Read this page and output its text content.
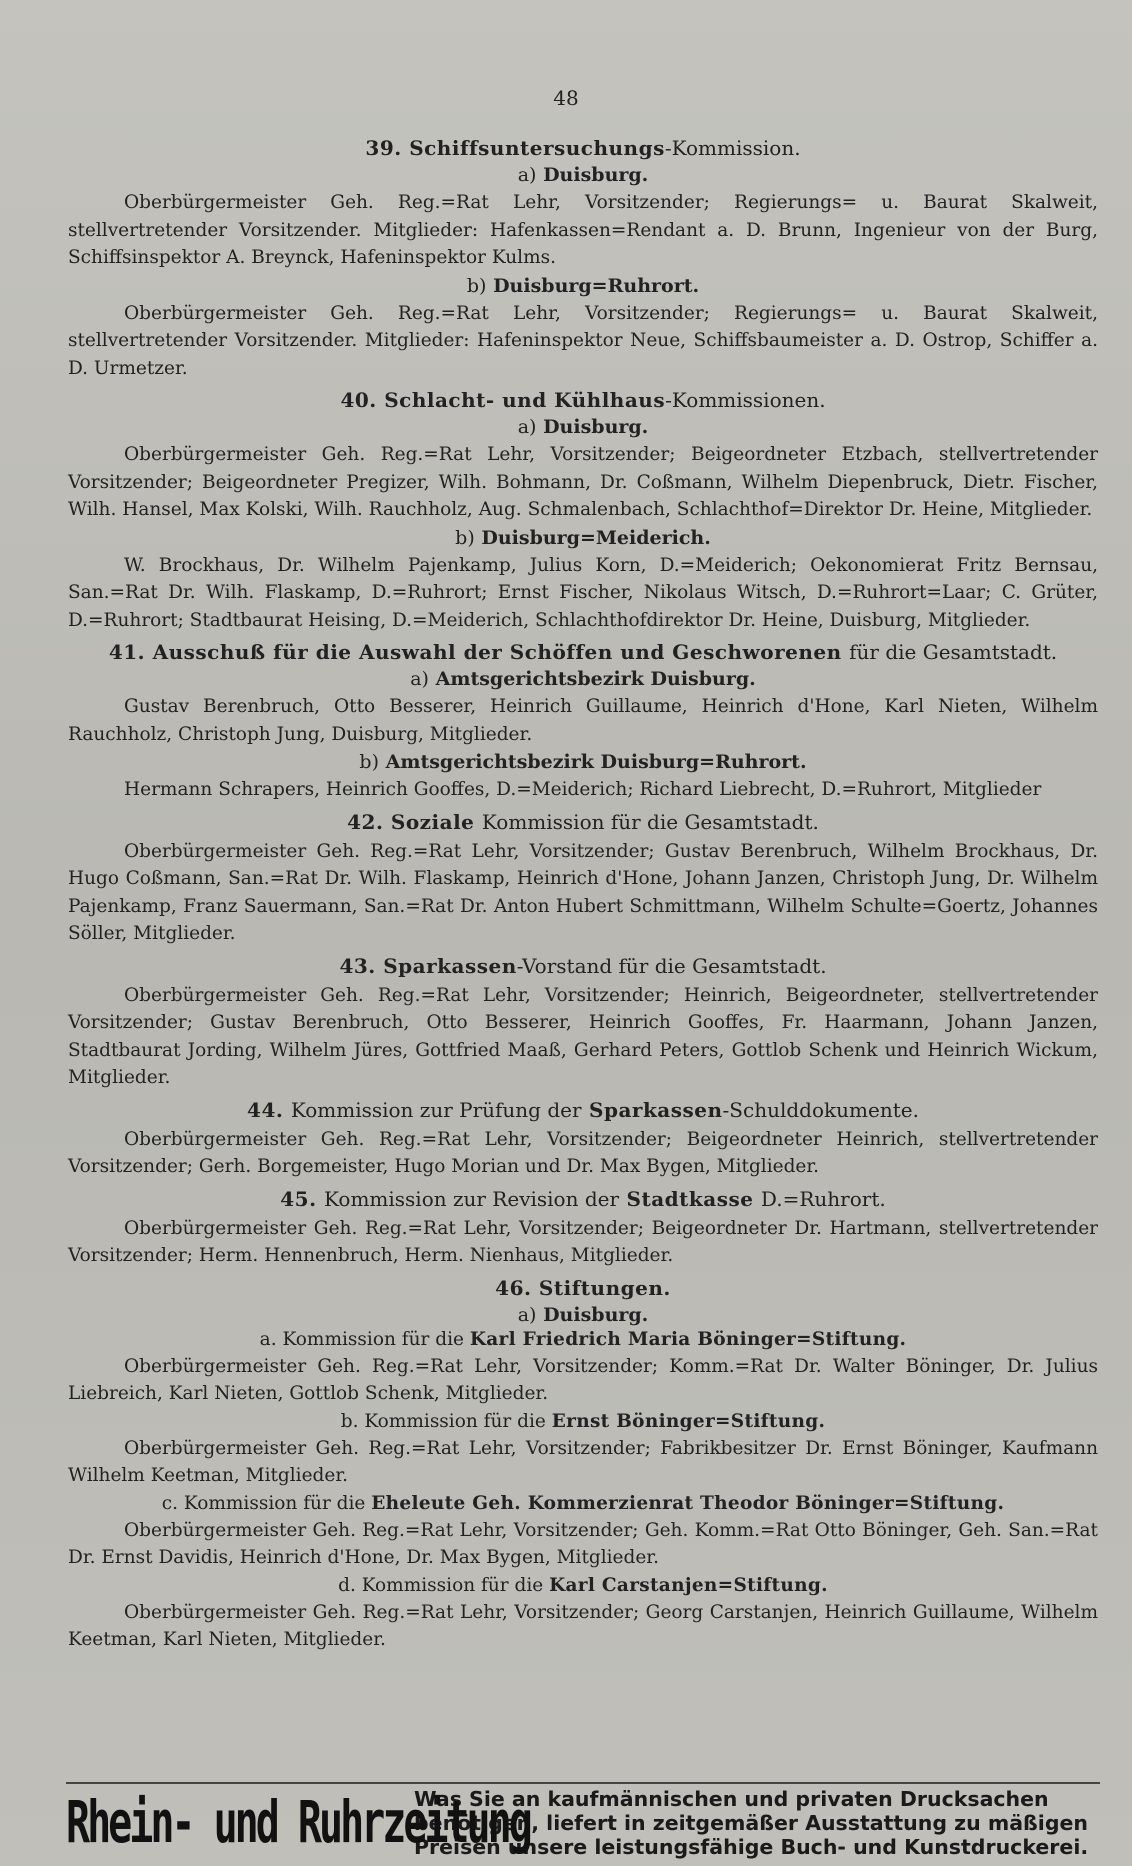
48
39. Schiffsuntersuchungs-Kommission.
a) Duisburg.

Oberbürgermeister Geh. Reg.=Rat Lehr, Vorsitzender; Regierungs= u. Baurat Skalweit, stellvertretender Vorsitzender. Mitglieder: Hafenkassen=Rendant a. D. Brunn, Ingenieur von der Burg, Schiffsinspektor A. Breynck, Hafeninspektor Kulms.

b) Duisburg=Ruhrort.

Oberbürgermeister Geh. Reg.=Rat Lehr, Vorsitzender; Regierungs= u. Baurat Skalweit, stellvertretender Vorsitzender. Mitglieder: Hafeninspektor Neue, Schiffsbaumeister a. D. Ostrop, Schiffer a. D. Urmetzer.

40. Schlacht- und Kühlhaus-Kommissionen.
a) Duisburg.

Oberbürgermeister Geh. Reg.=Rat Lehr, Vorsitzender; Beigeordneter Etzbach, stellvertretender Vorsitzender; Beigeordneter Pregizer, Wilh. Bohmann, Dr. Coßmann, Wilhelm Diepenbruck, Dietr. Fischer, Wilh. Hansel, Max Kolski, Wilh. Rauchholz, Aug. Schmalenbach, Schlachthof=Direktor Dr. Heine, Mitglieder.

b) Duisburg=Meiderich.

W. Brockhaus, Dr. Wilhelm Pajenkamp, Julius Korn, D.=Meiderich; Oekonomierat Fritz Bernsau, San.=Rat Dr. Wilh. Flaskamp, D.=Ruhrort; Ernst Fischer, Nikolaus Witsch, D.=Ruhrort=Laar; C. Grüter, D.=Ruhrort; Stadtbaurat Heising, D.=Meiderich, Schlachthofdirektor Dr. Heine, Duisburg, Mitglieder.

41. Ausschuß für die Auswahl der Schöffen und Geschworenen für die Gesamtstadt.
a) Amtsgerichtsbezirk Duisburg.

Gustav Berenbruch, Otto Besserer, Heinrich Guillaume, Heinrich d'Hone, Karl Nieten, Wilhelm Rauchholz, Christoph Jung, Duisburg, Mitglieder.

b) Amtsgerichtsbezirk Duisburg=Ruhrort.

Hermann Schrapers, Heinrich Gooffes, D.=Meiderich; Richard Liebrecht, D.=Ruhrort, Mitglieder

42. Soziale Kommission für die Gesamtstadt.

Oberbürgermeister Geh. Reg.=Rat Lehr, Vorsitzender; Gustav Berenbruch, Wilhelm Brockhaus, Dr. Hugo Coßmann, San.=Rat Dr. Wilh. Flaskamp, Heinrich d'Hone, Johann Janzen, Christoph Jung, Dr. Wilhelm Pajenkamp, Franz Sauermann, San.=Rat Dr. Anton Hubert Schmittmann, Wilhelm Schulte=Goertz, Johannes Söller, Mitglieder.

43. Sparkassen-Vorstand für die Gesamtstadt.

Oberbürgermeister Geh. Reg.=Rat Lehr, Vorsitzender; Heinrich, Beigeordneter, stellvertretender Vorsitzender; Gustav Berenbruch, Otto Besserer, Heinrich Gooffes, Fr. Haarmann, Johann Janzen, Stadtbaurat Jording, Wilhelm Jüres, Gottfried Maaß, Gerhard Peters, Gottlob Schenk und Heinrich Wickum, Mitglieder.

44. Kommission zur Prüfung der Sparkassen-Schulddokumente.

Oberbürgermeister Geh. Reg.=Rat Lehr, Vorsitzender; Beigeordneter Heinrich, stellvertretender Vorsitzender; Gerh. Borgemeister, Hugo Morian und Dr. Max Bygen, Mitglieder.

45. Kommission zur Revision der Stadtkasse D.=Ruhrort.

Oberbürgermeister Geh. Reg.=Rat Lehr, Vorsitzender; Beigeordneter Dr. Hartmann, stellvertretender Vorsitzender; Herm. Hennenbruch, Herm. Nienhaus, Mitglieder.

46. Stiftungen.
a) Duisburg.
a. Kommission für die Karl Friedrich Maria Böninger=Stiftung.

Oberbürgermeister Geh. Reg.=Rat Lehr, Vorsitzender; Komm.=Rat Dr. Walter Böninger, Dr. Julius Liebreich, Karl Nieten, Gottlob Schenk, Mitglieder.

b. Kommission für die Ernst Böninger=Stiftung.

Oberbürgermeister Geh. Reg.=Rat Lehr, Vorsitzender; Fabrikbesitzer Dr. Ernst Böninger, Kaufmann Wilhelm Keetman, Mitglieder.

c. Kommission für die Eheleute Geh. Kommerzienrat Theodor Böninger=Stiftung.

Oberbürgermeister Geh. Reg.=Rat Lehr, Vorsitzender; Geh. Komm.=Rat Otto Böninger, Geh. San.=Rat Dr. Ernst Davidis, Heinrich d'Hone, Dr. Max Bygen, Mitglieder.

d. Kommission für die Karl Carstanjen=Stiftung.

Oberbürgermeister Geh. Reg.=Rat Lehr, Vorsitzender; Georg Carstanjen, Heinrich Guillaume, Wilhelm Keetman, Karl Nieten, Mitglieder.

Rhein- und Ruhrzeitung
Was Sie an kaufmännischen und privaten Drucksachen
benötigen, liefert in zeitgemäßer Ausstattung zu mäßigen
Preisen unsere leistungsfähige Buch- und Kunstdruckerei.
